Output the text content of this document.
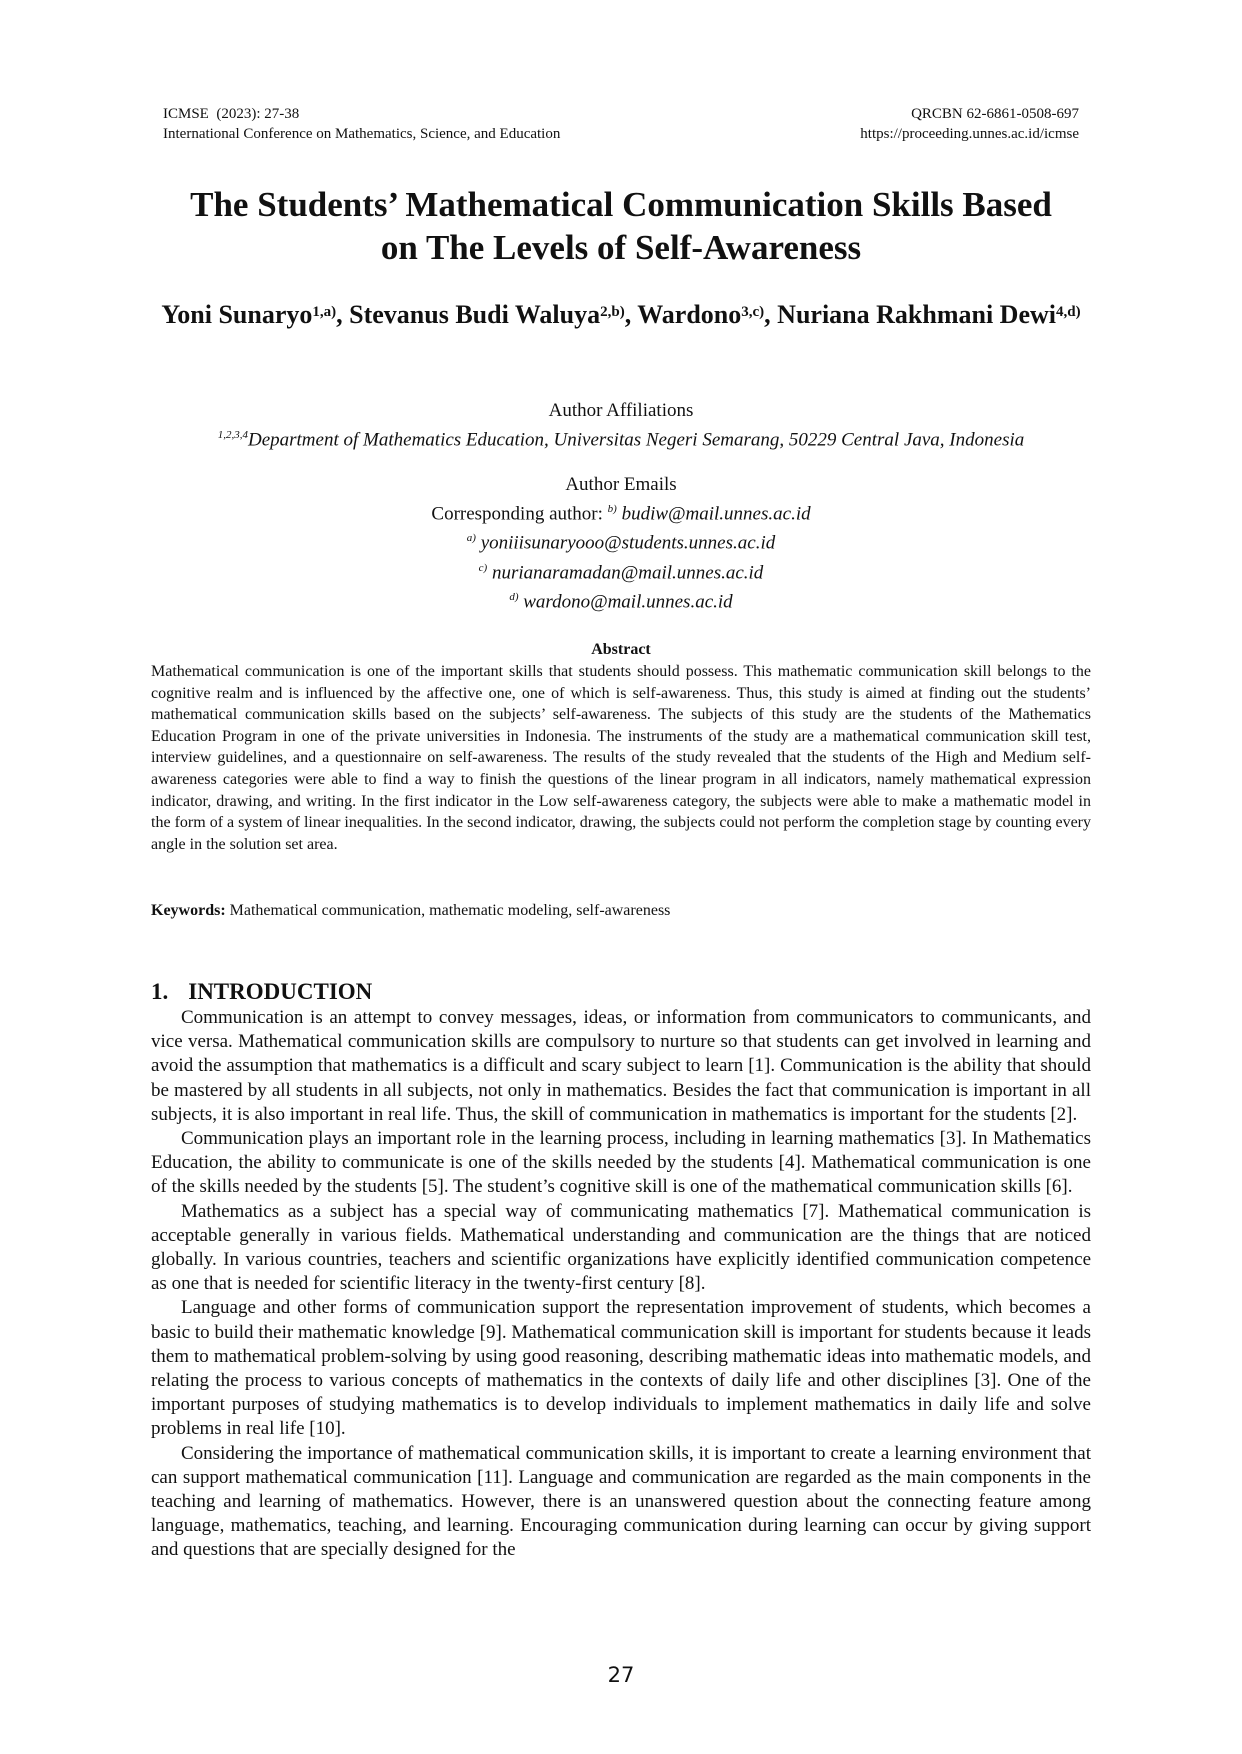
ICMSE  (2023): 27-38
International Conference on Mathematics, Science, and Education
QRCBN 62-6861-0508-697
https://proceeding.unnes.ac.id/icmse
The Students’ Mathematical Communication Skills Based
on The Levels of Self-Awareness
Yoni Sunaryo$^{1,a)}$, Stevanus Budi Waluya$^{2,b)}$, Wardono$^{3,c)}$, Nuriana Rakhmani Dewi$^{4,d)}$
Author Affiliations
$^{1,2,3,4}$Department of Mathematics Education, Universitas Negeri Semarang, 50229 Central Java, Indonesia
Author Emails
Corresponding author: $^{b)}$ budiw@mail.unnes.ac.id
$^{a)}$ yoniiisunaryooo@students.unnes.ac.id
$^{c)}$ nurianaramadan@mail.unnes.ac.id
$^{d)}$ wardono@mail.unnes.ac.id
Abstract

Mathematical communication is one of the important skills that students should possess. This mathematic communication skill belongs to the cognitive realm and is influenced by the affective one, one of which is self-awareness. Thus, this study is aimed at finding out the students’ mathematical communication skills based on the subjects’ self-awareness. The subjects of this study are the students of the Mathematics Education Program in one of the private universities in Indonesia. The instruments of the study are a mathematical communication skill test, interview guidelines, and a questionnaire on self-awareness. The results of the study revealed that the students of the High and Medium self-awareness categories were able to find a way to finish the questions of the linear program in all indicators, namely mathematical expression indicator, drawing, and writing. In the first indicator in the Low self-awareness category, the subjects were able to make a mathematic model in the form of a system of linear inequalities. In the second indicator, drawing, the subjects could not perform the completion stage by counting every angle in the solution set area.

Keywords: Mathematical communication, mathematic modeling, self-awareness

1. INTRODUCTION

Communication is an attempt to convey messages, ideas, or information from communicators to communicants, and vice versa. Mathematical communication skills are compulsory to nurture so that students can get involved in learning and avoid the assumption that mathematics is a difficult and scary subject to learn [1]. Communication is the ability that should be mastered by all students in all subjects, not only in mathematics. Besides the fact that communication is important in all subjects, it is also important in real life. Thus, the skill of communication in mathematics is important for the students [2].

Communication plays an important role in the learning process, including in learning mathematics [3]. In Mathematics Education, the ability to communicate is one of the skills needed by the students [4]. Mathematical communication is one of the skills needed by the students [5]. The student’s cognitive skill is one of the mathematical communication skills [6].

Mathematics as a subject has a special way of communicating mathematics [7]. Mathematical communication is acceptable generally in various fields. Mathematical understanding and communication are the things that are noticed globally. In various countries, teachers and scientific organizations have explicitly identified communication competence as one that is needed for scientific literacy in the twenty-first century [8].

Language and other forms of communication support the representation improvement of students, which becomes a basic to build their mathematic knowledge [9]. Mathematical communication skill is important for students because it leads them to mathematical problem-solving by using good reasoning, describing mathematic ideas into mathematic models, and relating the process to various concepts of mathematics in the contexts of daily life and other disciplines [3]. One of the important purposes of studying mathematics is to develop individuals to implement mathematics in daily life and solve problems in real life [10].

Considering the importance of mathematical communication skills, it is important to create a learning environment that can support mathematical communication [11]. Language and communication are regarded as the main components in the teaching and learning of mathematics. However, there is an unanswered question about the connecting feature among language, mathematics, teaching, and learning. Encouraging communication during learning can occur by giving support and questions that are specially designed for the

27
